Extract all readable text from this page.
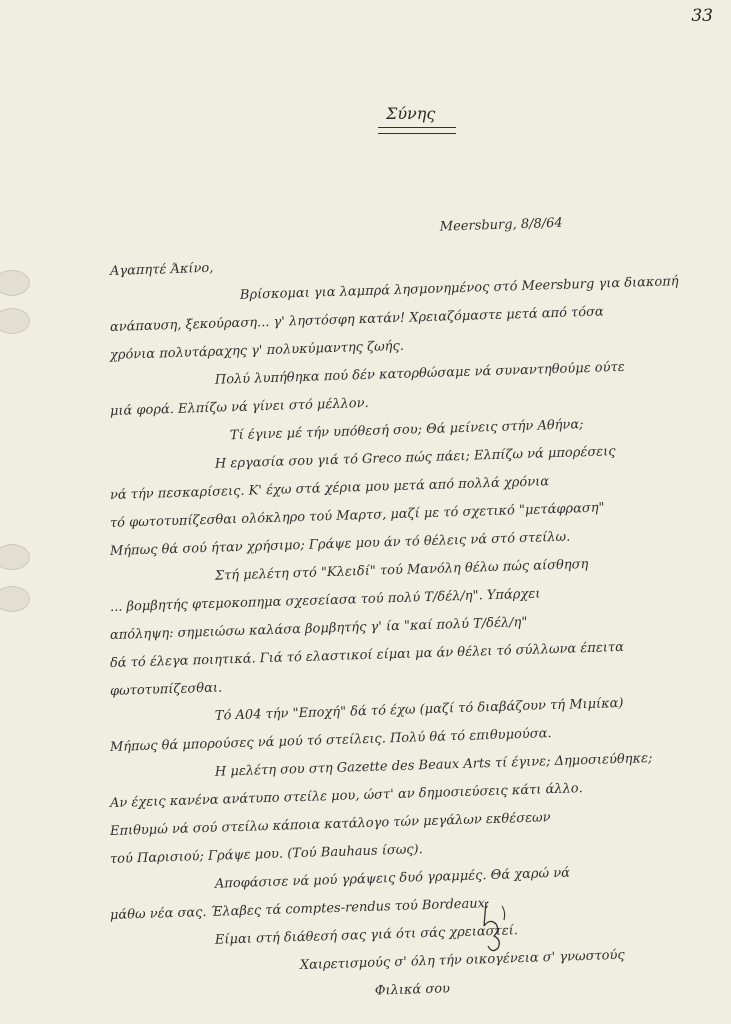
33
Σύνης
Meersburg, 8/8/64
Αγαπητέ Άκίνο,
Βρίσκομαι για λαμπρά λησμονημένος στό Meersburg για διακοπή
ανάπαυση, ξεκούραση... γ' ληστόσφη κατάν! Χρειαζόμαστε μετά από τόσα
χρόνια πολυτάραχης γ' πολυκύμαντης ζωής.
Πολύ λυπήθηκα πού δέν κατορθώσαμε νά συναντηθούμε ούτε
μιά φορά. Ελπίζω νά γίνει στό μέλλον.
Τί έγινε μέ τήν υπόθεσή σου; Θά μείνεις στήν Αθήνα;
Η εργασία σου γιά τό Greco πώς πάει; Ελπίζω νά μπορέσεις
νά τήν πεσκαρίσεις. Κ' έχω στά χέρια μου μετά από πολλά χρόνια
τό φωτοτυπίζεσθαι ολόκληρο τού Μαρτσ, μαζί με τό σχετικό "μετάφραση"
Μήπως θά σού ήταν χρήσιμο; Γράψε μου άν τό θέλεις νά στό στείλω.
Στή μελέτη στό "Κλειδί" τού Μανόλη θέλω πώς αίσθηση
... βομβητής φτεμοκοπημα σχεσείασα τού πολύ Τ/δέλ/η". Υπάρχει
απόληψη: σημειώσω καλάσα βομβητής γ' ία "καί πολύ Τ/δέλ/η"
δά τό έλεγα ποιητικά. Γιά τό ελαστικοί είμαι μα άν θέλει τό σύλλωνα έπειτα
φωτοτυπίζεσθαι.
Τό Α04 τήν "Εποχή" δά τό έχω (μαζί τό διαβάζουν τή Μιμίκα)
Μήπως θά μπορούσες νά μού τό στείλεις. Πολύ θά τό επιθυμούσα.
Η μελέτη σου στη Gazette des Beaux Arts τί έγινε; Δημοσιεύθηκε;
Αν έχεις κανένα ανάτυπο στείλε μου, ώστ' αν δημοσιεύσεις κάτι άλλο.
Επιθυμώ νά σού στείλω κάποια κατάλογο τών μεγάλων εκθέσεων
τού Παρισιού; Γράψε μου. (Τού Bauhaus ίσως).
Αποφάσισε νά μού γράψεις δυό γραμμές. Θά χαρώ νά
μάθω νέα σας. Έλαβες τά comptes-rendus τού Bordeaux;
Είμαι στή διάθεσή σας γιά ότι σάς χρειαστεί.
Χαιρετισμούς σ' όλη τήν οικογένεια σ' γνωστούς
Φιλικά σου
